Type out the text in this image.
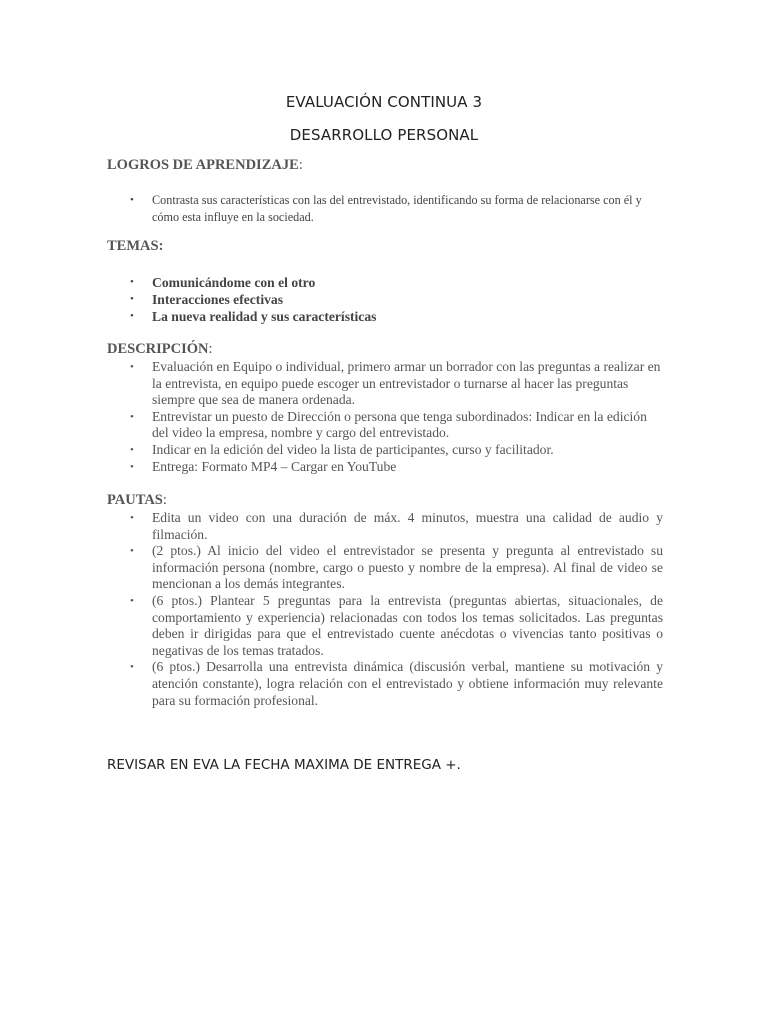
EVALUACIÓN CONTINUA 3
DESARROLLO PERSONAL
LOGROS DE APRENDIZAJE:
• Contrasta sus características con las del entrevistado, identificando su forma de relacionarse con él y cómo esta influye en la sociedad.
TEMAS:
• Comunicándome con el otro
• Interacciones efectivas
• La nueva realidad y sus características
DESCRIPCIÓN:
• Evaluación en Equipo o individual, primero armar un borrador con las preguntas a realizar en la entrevista, en equipo puede escoger un entrevistador o turnarse al hacer las preguntas siempre que sea de manera ordenada.
• Entrevistar un puesto de Dirección o persona que tenga subordinados: Indicar en la edición del video la empresa, nombre y cargo del entrevistado.
• Indicar en la edición del video la lista de participantes, curso y facilitador.
• Entrega: Formato MP4 – Cargar en YouTube
PAUTAS:
• Edita un video con una duración de máx. 4 minutos, muestra una calidad de audio y filmación.
• (2 ptos.) Al inicio del video el entrevistador se presenta y pregunta al entrevistado su información persona (nombre, cargo o puesto y nombre de la empresa). Al final de video se mencionan a los demás integrantes.
• (6 ptos.) Plantear 5 preguntas para la entrevista (preguntas abiertas, situacionales, de comportamiento y experiencia) relacionadas con todos los temas solicitados. Las preguntas deben ir dirigidas para que el entrevistado cuente anécdotas o vivencias tanto positivas o negativas de los temas tratados.
• (6 ptos.) Desarrolla una entrevista dinámica (discusión verbal, mantiene su motivación y atención constante), logra relación con el entrevistado y obtiene información muy relevante para su formación profesional.
REVISAR EN EVA LA FECHA MAXIMA DE ENTREGA +.
